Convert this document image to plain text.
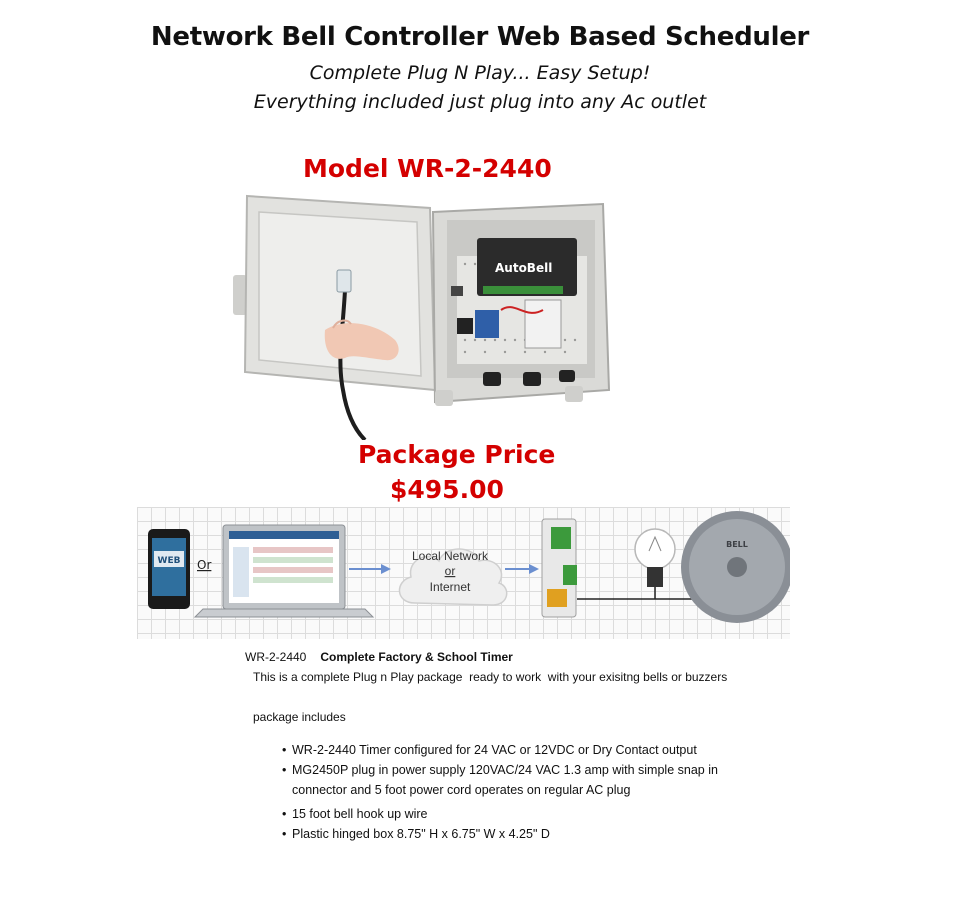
Network Bell Controller Web Based Scheduler
Complete Plug N Play... Easy Setup!
Everything included just plug into any Ac outlet
Model WR-2-2440
AutoBell
Package Price
$495.00
WEB Or
Local Network
or
Internet
BELL
WR-2-2440 Complete Factory & School Timer
This is a complete Plug n Play package  ready to work  with your exisitng bells or buzzers
package includes
• WR-2-2440 Timer configured for 24 VAC or 12VDC or Dry Contact output
• MG2450P plug in power supply 120VAC/24 VAC 1.3 amp with simple snap in
connector and 5 foot power cord operates on regular AC plug
• 15 foot bell hook up wire
• Plastic hinged box 8.75" H x 6.75" W x 4.25" D
